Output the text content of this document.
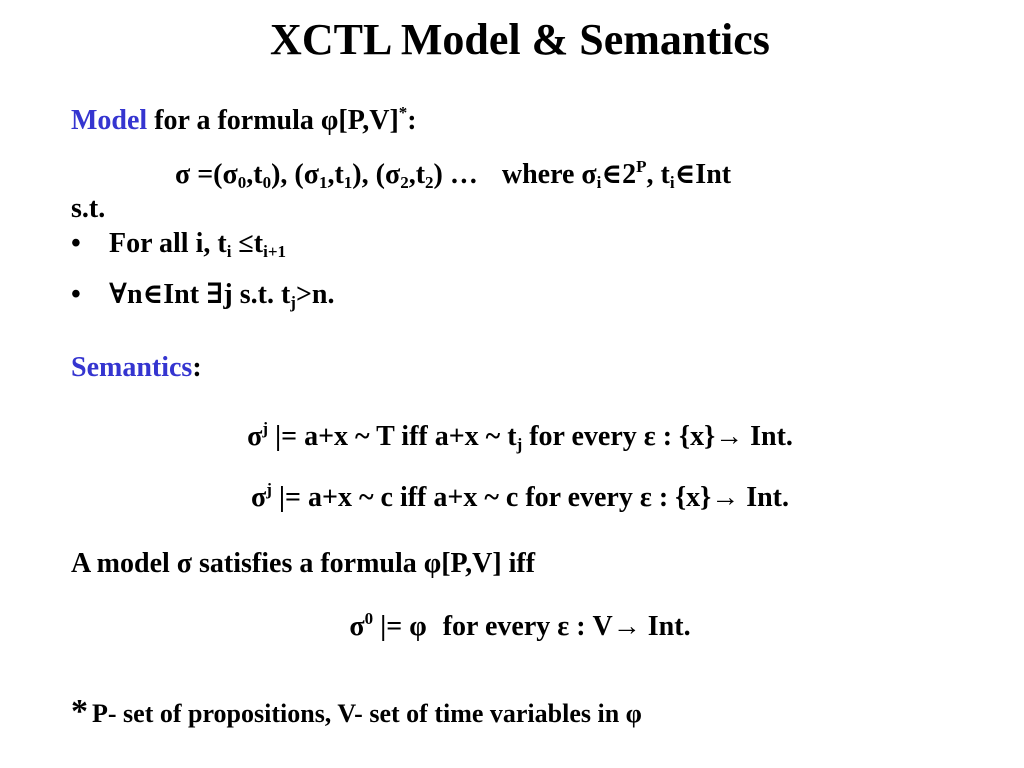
XCTL Model & Semantics
Model for a formula φ[P,V]*:
$\sigma =(\sigma_0,t_0)$, $(\sigma_1,t_1)$, $(\sigma_2,t_2)$ … where $\sigma_i\in 2^P$, $t_i\in Int$
s.t.
• For all i, $t_i \le t_{i+1}$
• ∀n∈Int ∃j s.t. $t_j>n$.
Semantics:
$\sigma^j$ |= a+x ~ T iff a+x ~ $t_j$ for every ε : {x}→ Int.
$\sigma^j$ |= a+x ~ c iff a+x ~ c for every ε : {x}→ Int.
A model σ satisfies a formula φ[P,V] iff
$\sigma^0$ |= φ for every ε : V→ Int.
* P- set of propositions, V- set of time variables in φ
